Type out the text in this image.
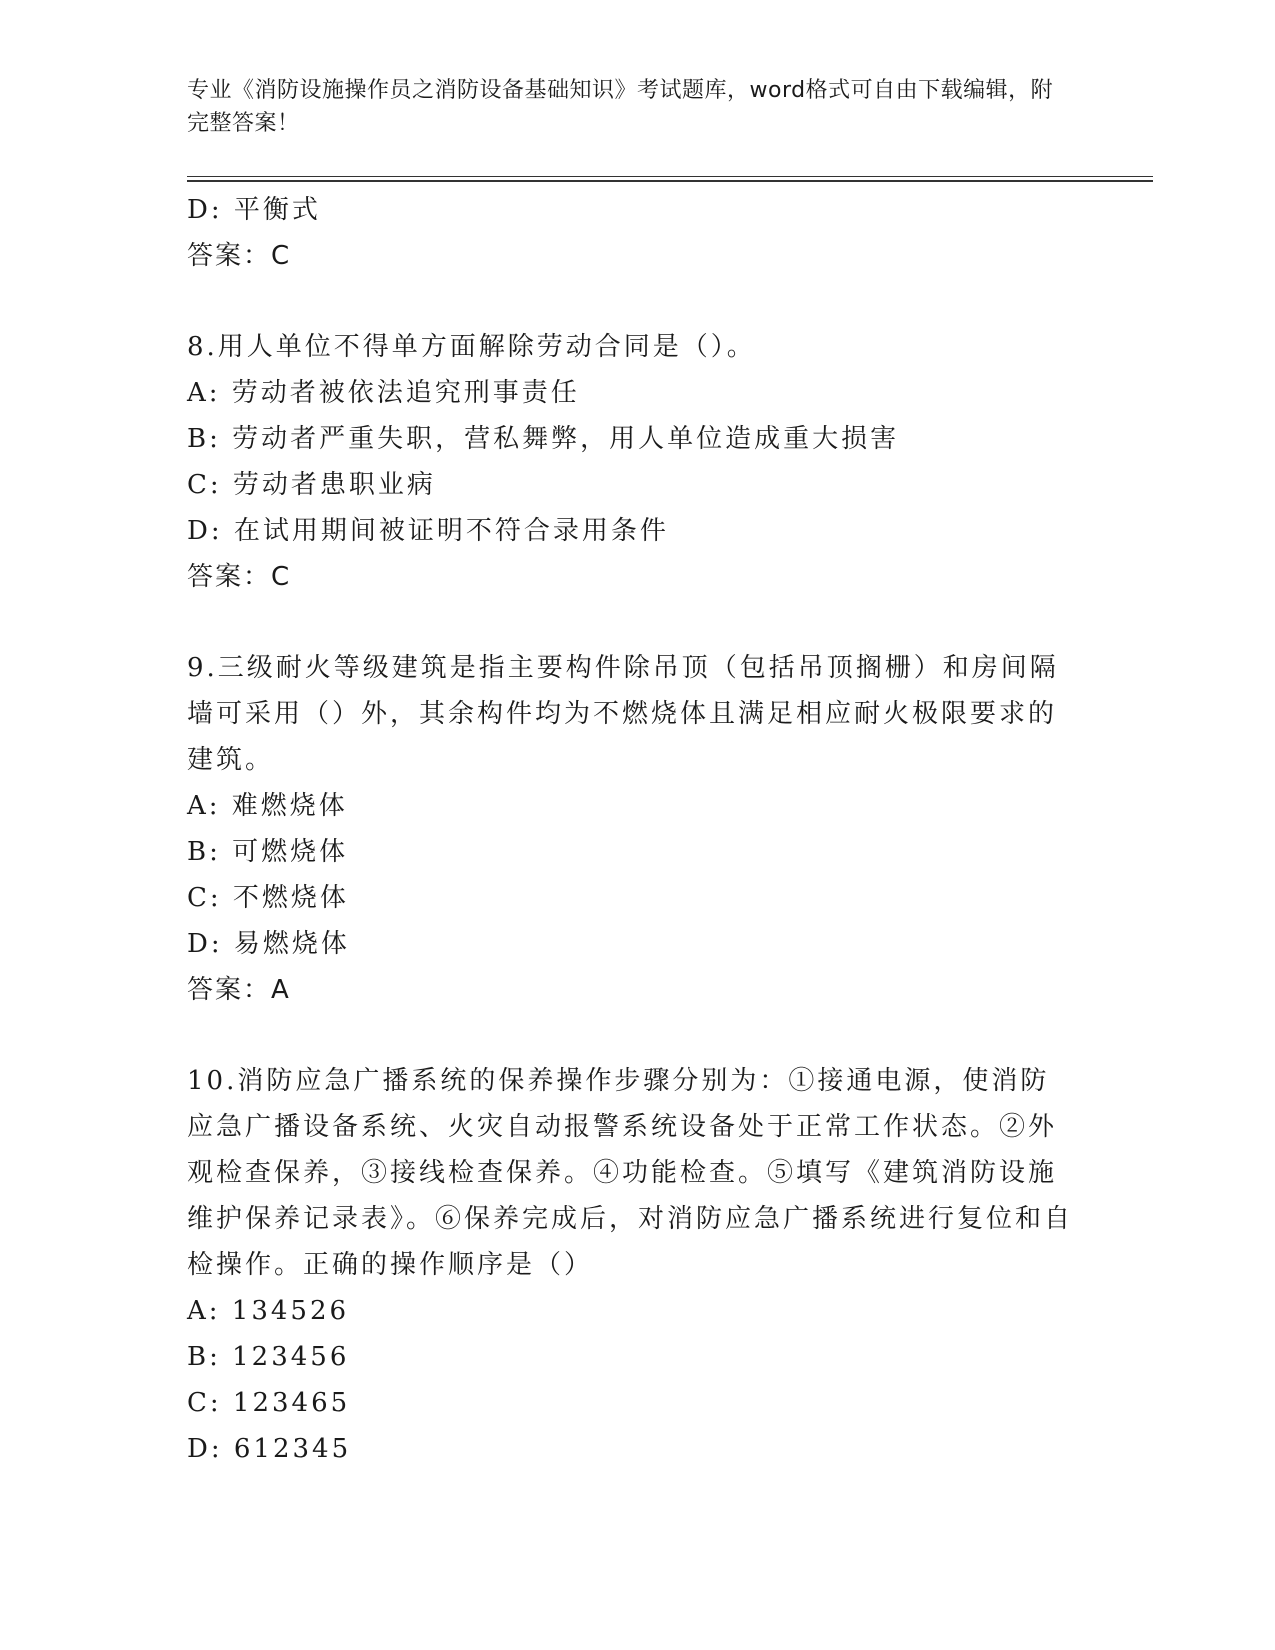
专业《消防设施操作员之消防设备基础知识》考试题库，word格式可自由下载编辑，附完整答案！
D: 平衡式
答案：C
8.用人单位不得单方面解除劳动合同是（）。
A: 劳动者被依法追究刑事责任
B: 劳动者严重失职，营私舞弊，用人单位造成重大损害
C: 劳动者患职业病
D: 在试用期间被证明不符合录用条件
答案：C
9.三级耐火等级建筑是指主要构件除吊顶（包括吊顶搁栅）和房间隔墙可采用（）外，其余构件均为不燃烧体且满足相应耐火极限要求的建筑。
A: 难燃烧体
B: 可燃烧体
C: 不燃烧体
D: 易燃烧体
答案：A
10.消防应急广播系统的保养操作步骤分别为：①接通电源，使消防应急广播设备系统、火灾自动报警系统设备处于正常工作状态。②外观检查保养，③接线检查保养。④功能检查。⑤填写《建筑消防设施维护保养记录表》。⑥保养完成后，对消防应急广播系统进行复位和自检操作。正确的操作顺序是（）
A: 134526
B: 123456
C: 123465
D: 612345
